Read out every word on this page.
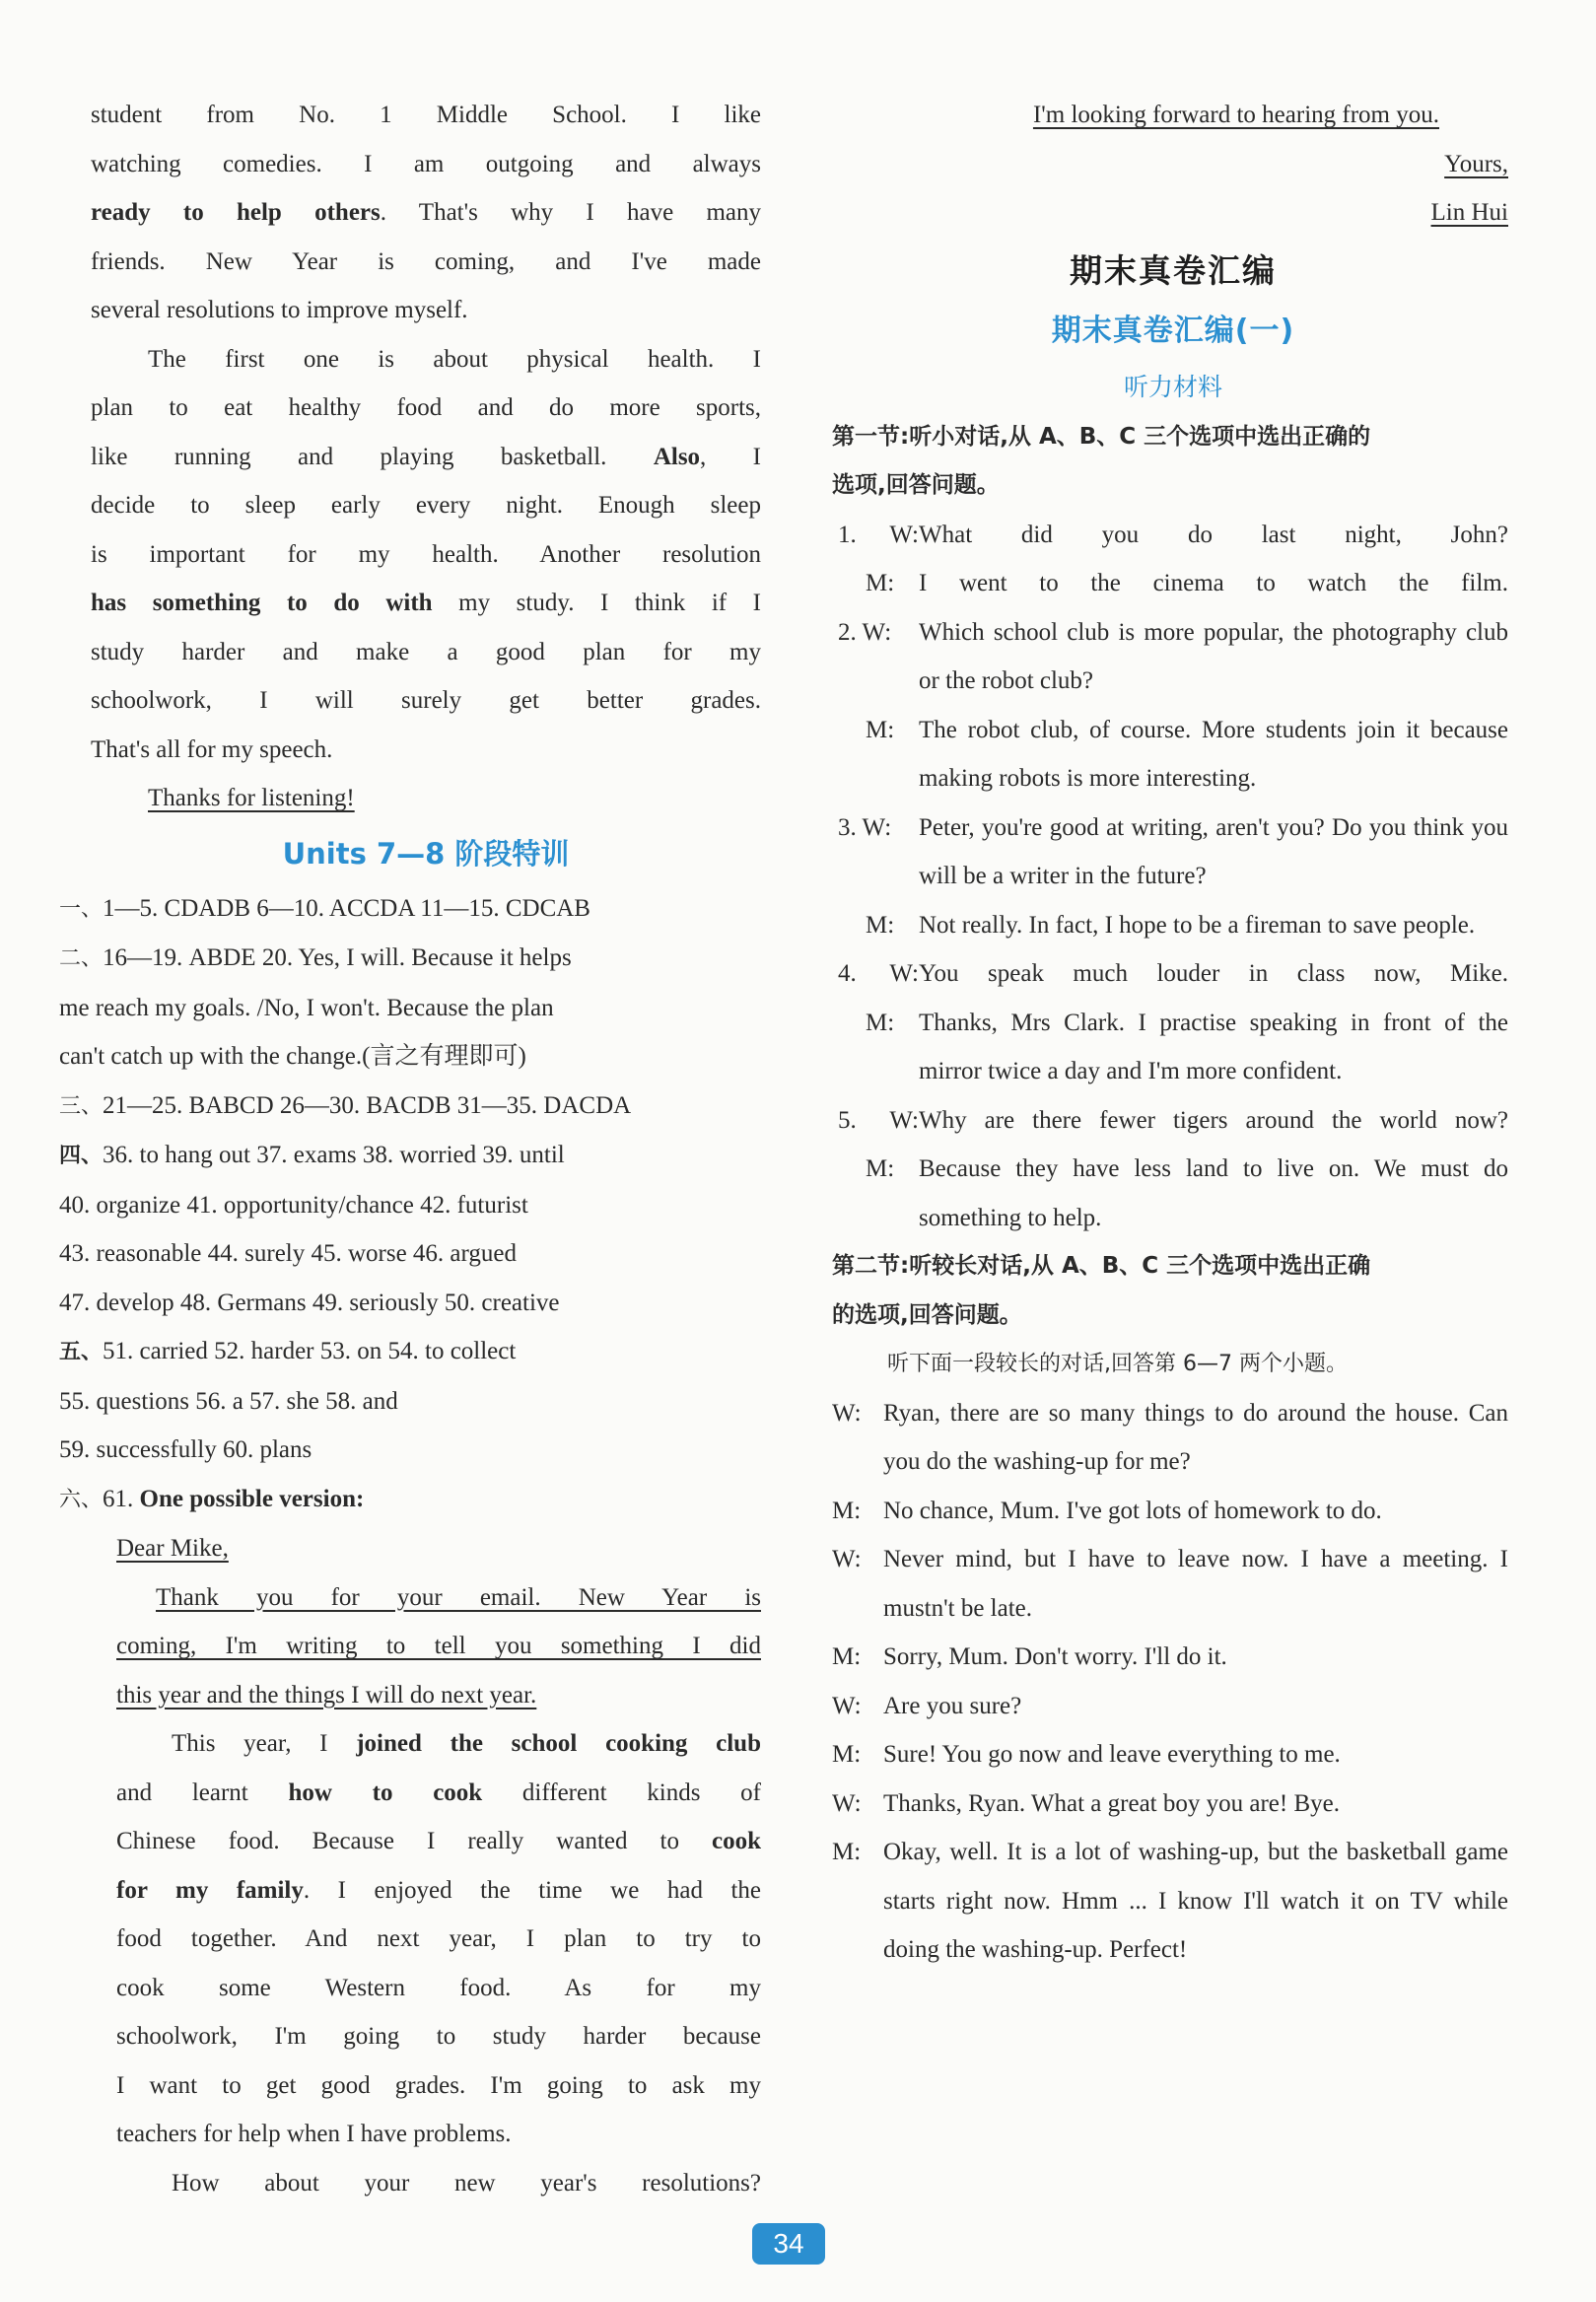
student from No. 1 Middle School. I like

watching comedies. I am outgoing and always

ready to help others. That's why I have many

friends. New Year is coming, and I've made

several resolutions to improve myself.

The first one is about physical health. I

plan to eat healthy food and do more sports,

like running and playing basketball. Also, I

decide to sleep early every night. Enough sleep

is important for my health. Another resolution

has something to do with my study. I think if I

study harder and make a good plan for my

schoolwork, I will surely get better grades.

That's all for my speech.

Thanks for listening!

Units 7—8 阶段特训

一、1—5. CDADB 6—10. ACCDA 11—15. CDCAB

二、16—19. ABDE 20. Yes, I will. Because it helps

me reach my goals. /No, I won't. Because the plan

can't catch up with the change.(言之有理即可)

三、21—25. BABCD 26—30. BACDB 31—35. DACDA

四、36. to hang out 37. exams 38. worried 39. until

40. organize 41. opportunity/chance 42. futurist

43. reasonable 44. surely 45. worse 46. argued

47. develop 48. Germans 49. seriously 50. creative

五、51. carried 52. harder 53. on 54. to collect

55. questions 56. a 57. she 58. and

59. successfully 60. plans

六、61. One possible version:

Dear Mike,

Thank you for your email. New Year is

coming, I'm writing to tell you something I did

this year and the things I will do next year.

This year, I joined the school cooking club

and learnt how to cook different kinds of

Chinese food. Because I really wanted to cook

for my family. I enjoyed the time we had the

food together. And next year, I plan to try to

cook some Western food. As for my

schoolwork, I'm going to study harder because

I want to get good grades. I'm going to ask my

teachers for help when I have problems.

How about your new year's resolutions?

I'm looking forward to hearing from you.

Yours,

Lin Hui

期末真卷汇编
期末真卷汇编(一)
听力材料

第一节:听小对话,从 A、B、C 三个选项中选出正确的

选项,回答问题。

1. W:What did you do last night, John?

M: I went to the cinema to watch the film.

2. W: Which school club is more popular, the photography club or the robot club?

M: The robot club, of course. More students join it because making robots is more interesting.

3. W: Peter, you're good at writing, aren't you? Do you think you will be a writer in the future?

M: Not really. In fact, I hope to be a fireman to save people.

4. W:You speak much louder in class now, Mike.

M: Thanks, Mrs Clark. I practise speaking in front of the mirror twice a day and I'm more confident.

5. W:Why are there fewer tigers around the world now?

M: Because they have less land to live on. We must do something to help.

第二节:听较长对话,从 A、B、C 三个选项中选出正确

的选项,回答问题。

听下面一段较长的对话,回答第 6—7 两个小题。

W: Ryan, there are so many things to do around the house. Can you do the washing-up for me?

M: No chance, Mum. I've got lots of homework to do.

W: Never mind, but I have to leave now. I have a meeting. I mustn't be late.

M: Sorry, Mum. Don't worry. I'll do it.

W: Are you sure?

M: Sure! You go now and leave everything to me.

W: Thanks, Ryan. What a great boy you are! Bye.

M: Okay, well. It is a lot of washing-up, but the basketball game starts right now. Hmm ... I know I'll watch it on TV while doing the washing-up. Perfect!

34
